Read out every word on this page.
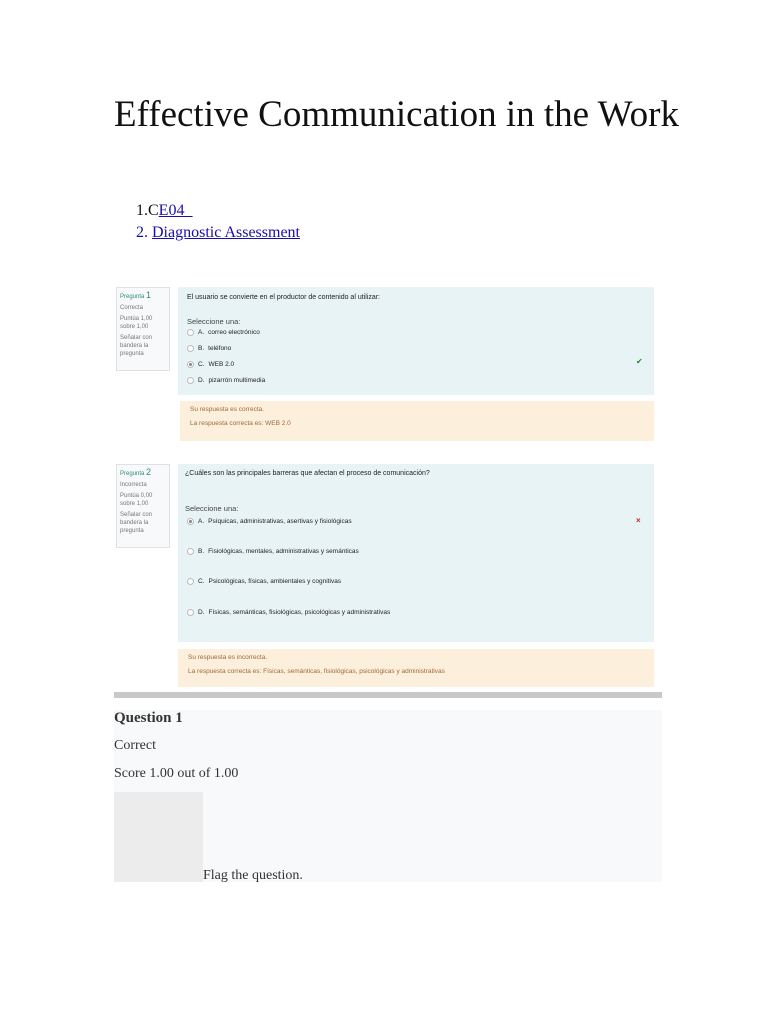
Effective Communication in the Work
1.CE04_
2. Diagnostic Assessment

Pregunta 1

Correcta

Puntúa 1,00 sobre 1,00

Señalar con bandera la pregunta

El usuario se convierte en el productor de contenido al utilizar:
Seleccione una:
A. correo electrónico
B. teléfono
C. WEB 2.0
D. pizarrón multimedia
✔
Su respuesta es correcta.
La respuesta correcta es: WEB 2.0

Pregunta 2

Incorrecta

Puntúa 0,00 sobre 1,00

Señalar con bandera la pregunta

¿Cuáles son las principales barreras que afectan el proceso de comunicación?
Seleccione una:
A. Psíquicas, administrativas, asertivas y fisiológicas
B. Fisiológicas, mentales, administrativas y semánticas
C. Psicológicas, físicas, ambientales y cognitivas
D. Físicas, semánticas, fisiológicas, psicológicas y administrativas
×
Su respuesta es incorrecta.
La respuesta correcta es: Físicas, semánticas, fisiológicas, psicológicas y administrativas
Question 1
Correct
Score 1.00 out of 1.00
Flag the question.
